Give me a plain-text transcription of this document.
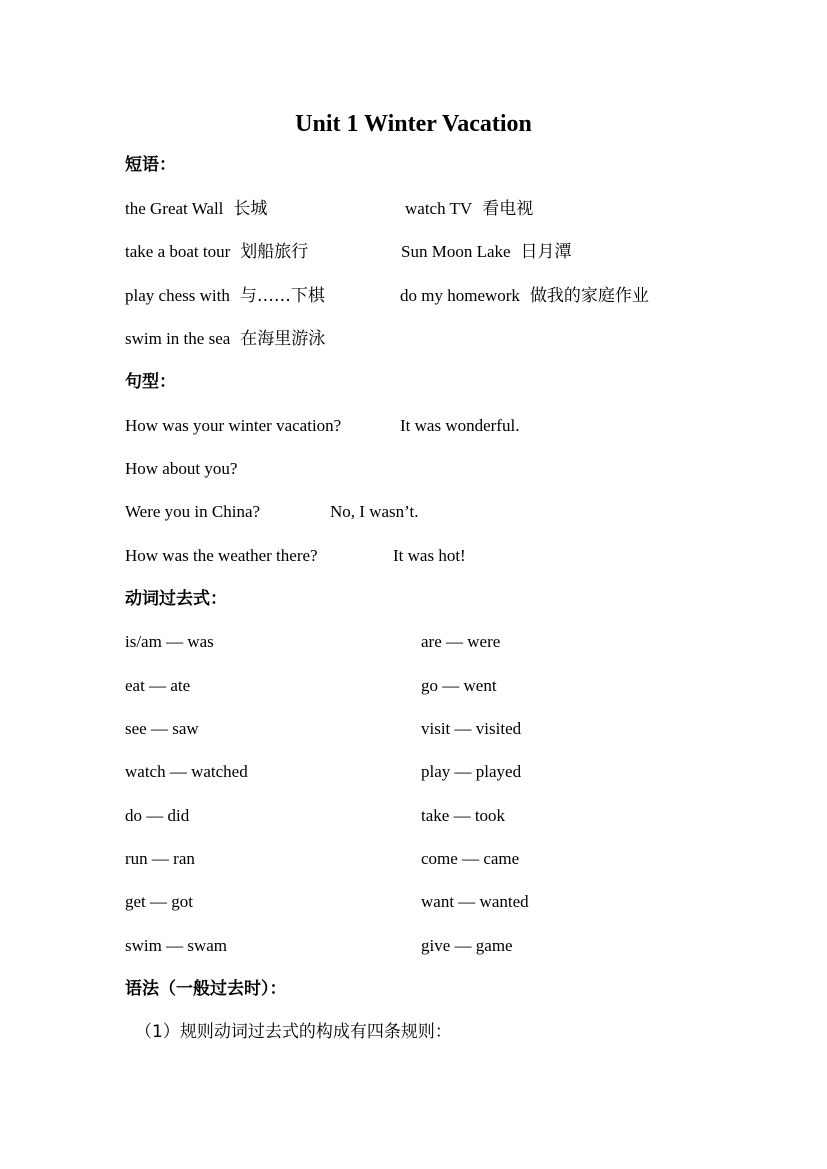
Unit 1 Winter Vacation
短语：
the Great Wall 长城	watch TV 看电视
take a boat tour 划船旅行	Sun Moon Lake 日月潭
play chess with 与……下棋	do my homework 做我的家庭作业
swim in the sea 在海里游泳
句型：
How was your winter vacation?	It was wonderful.
How about you?
Were you in China?	No, I wasn’t.
How was the weather there?	It was hot!
动词过去式：
is/am — was	are — were
eat — ate	go — went
see — saw	visit — visited
watch — watched	play — played
do — did	take — took
run — ran	come — came
get — got	want — wanted
swim — swam	give — game
语法（一般过去时）：
（1）规则动词过去式的构成有四条规则：
